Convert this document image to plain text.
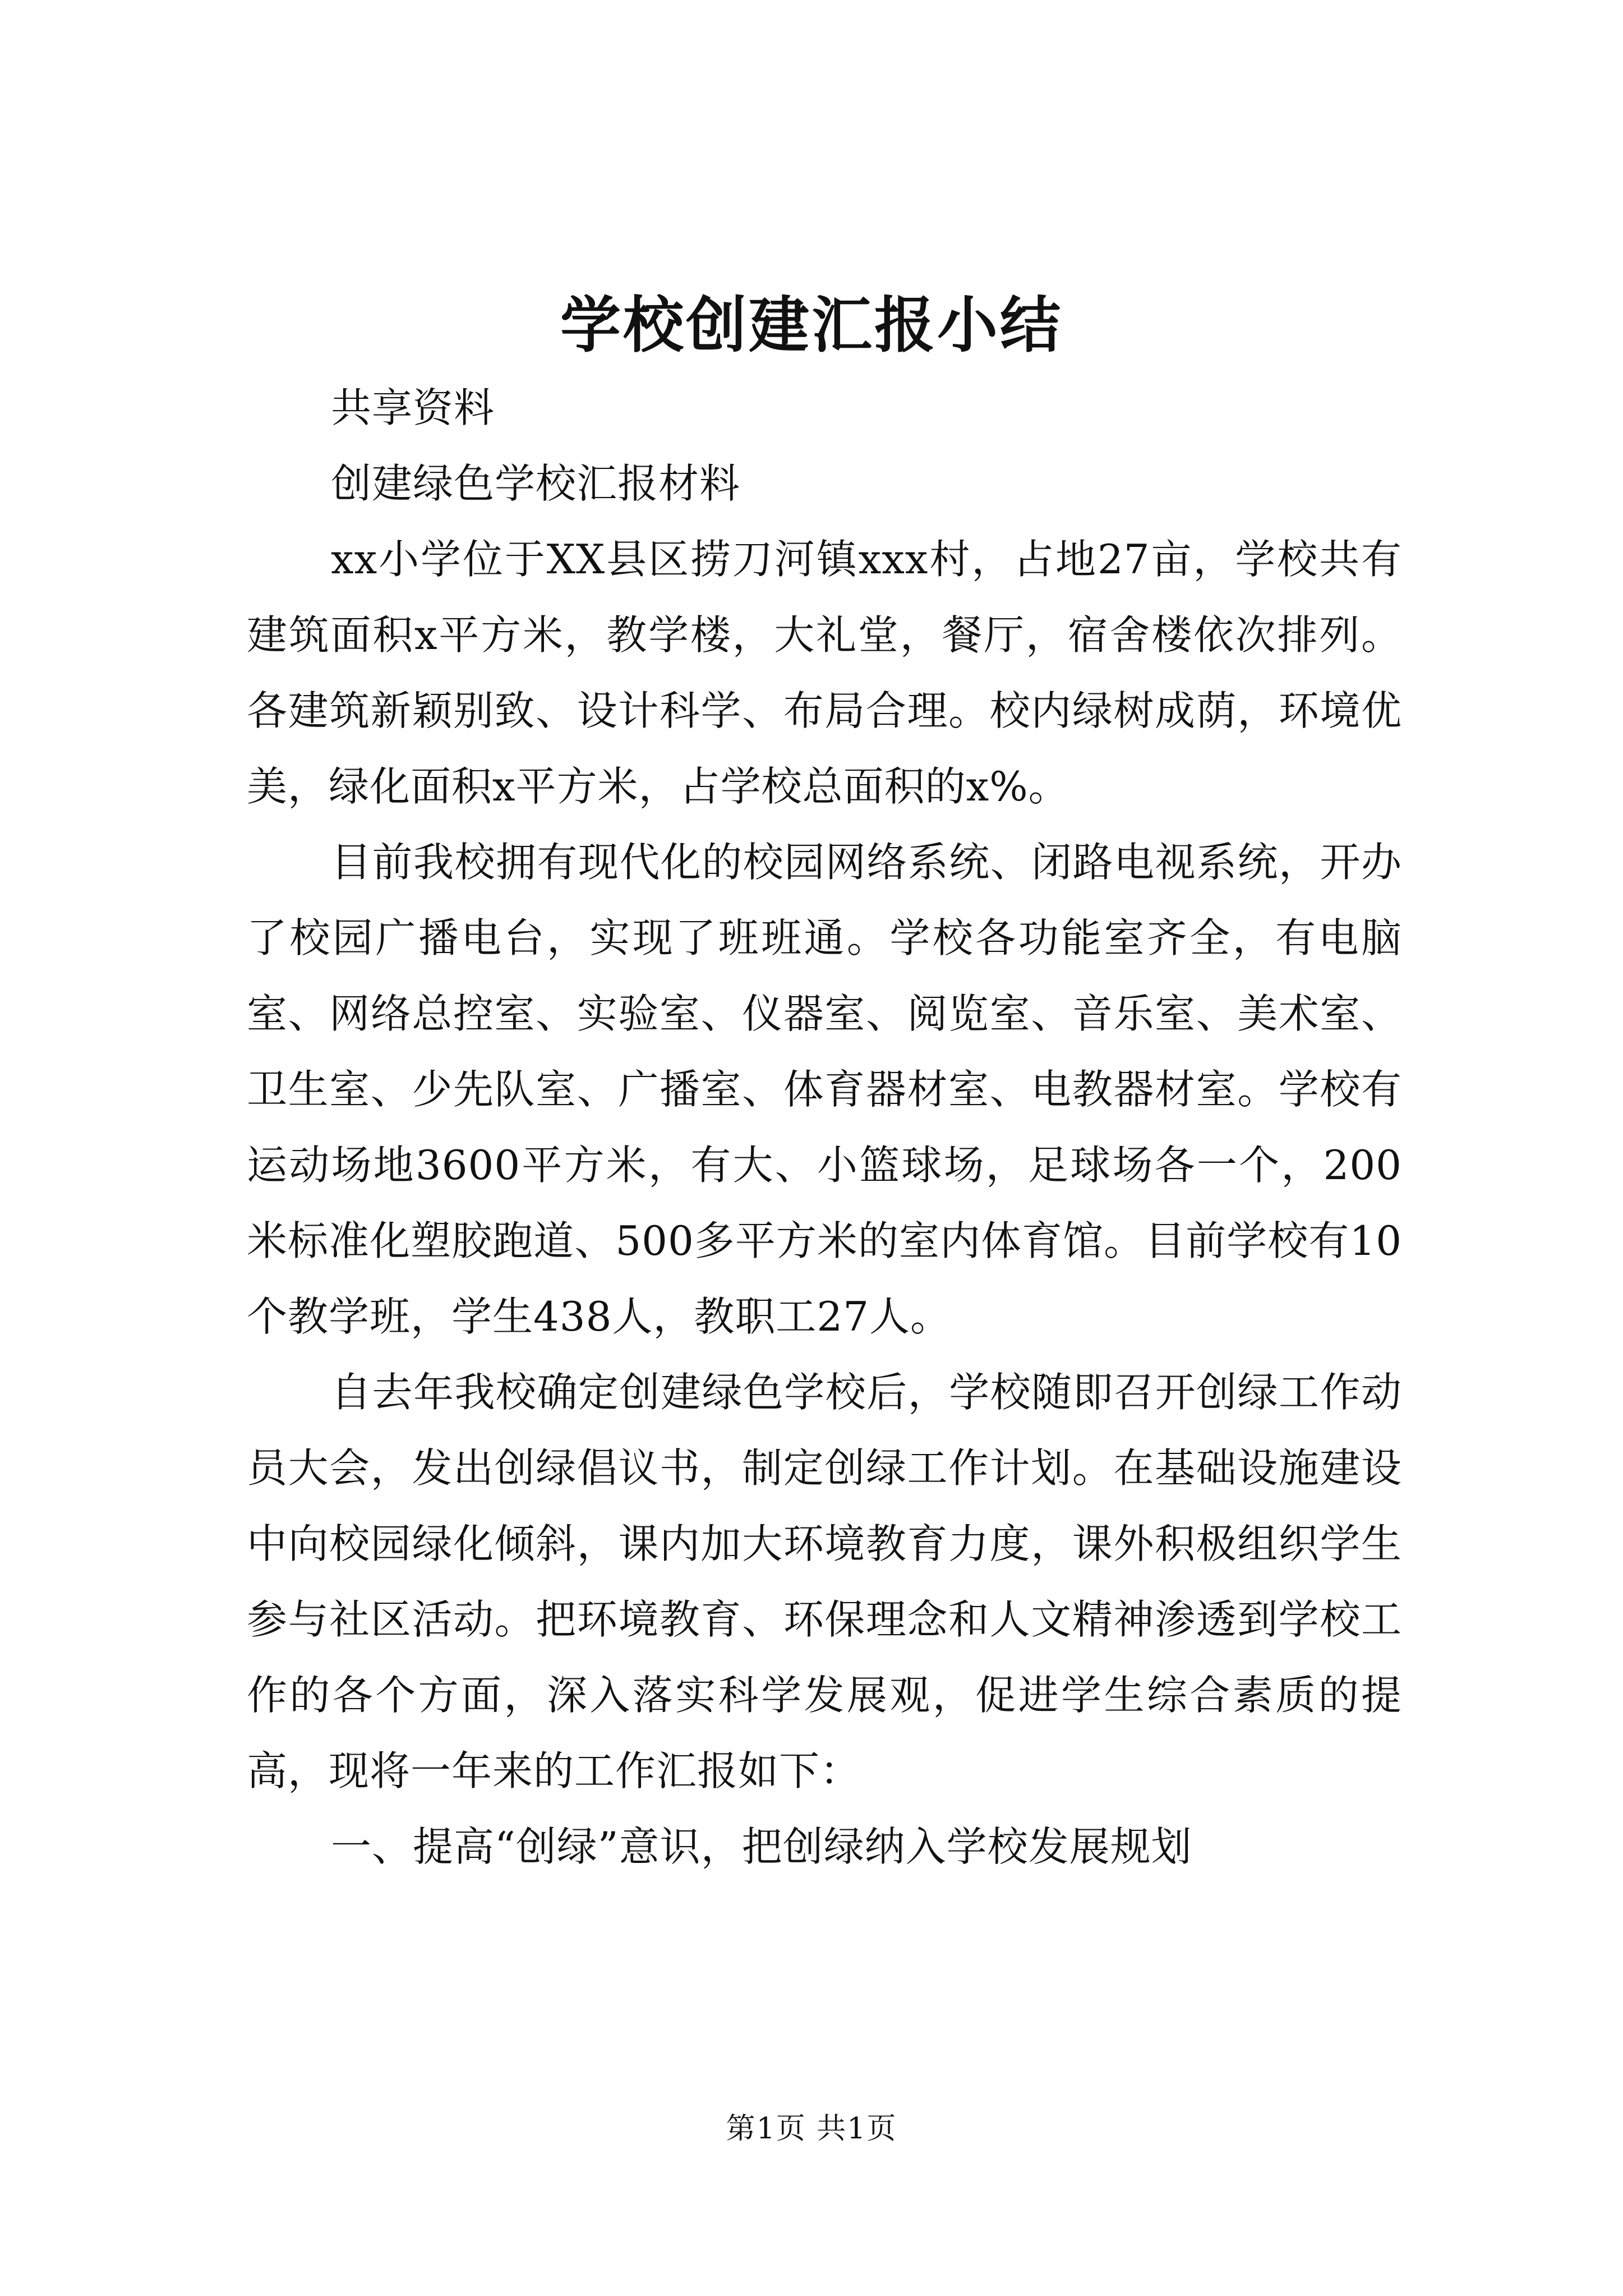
学校创建汇报小结

共享资料

创建绿色学校汇报材料

xx小学位于XX县区捞刀河镇xxx村，占地27亩，学校共有建筑面积x平方米，教学楼，大礼堂，餐厅，宿舍楼依次排列。各建筑新颖别致、设计科学、布局合理。校内绿树成荫，环境优美，绿化面积x平方米，占学校总面积的x%。

目前我校拥有现代化的校园网络系统、闭路电视系统，开办了校园广播电台，实现了班班通。学校各功能室齐全，有电脑室、网络总控室、实验室、仪器室、阅览室、音乐室、美术室、卫生室、少先队室、广播室、体育器材室、电教器材室。学校有运动场地3600平方米，有大、小篮球场，足球场各一个，200米标准化塑胶跑道、500多平方米的室内体育馆。目前学校有10个教学班，学生438人，教职工27人。

自去年我校确定创建绿色学校后，学校随即召开创绿工作动员大会，发出创绿倡议书，制定创绿工作计划。在基础设施建设中向校园绿化倾斜，课内加大环境教育力度，课外积极组织学生参与社区活动。把环境教育、环保理念和人文精神渗透到学校工作的各个方面，深入落实科学发展观，促进学生综合素质的提高，现将一年来的工作汇报如下：

一、提高“创绿”意识，把创绿纳入学校发展规划

第1页 共1页
